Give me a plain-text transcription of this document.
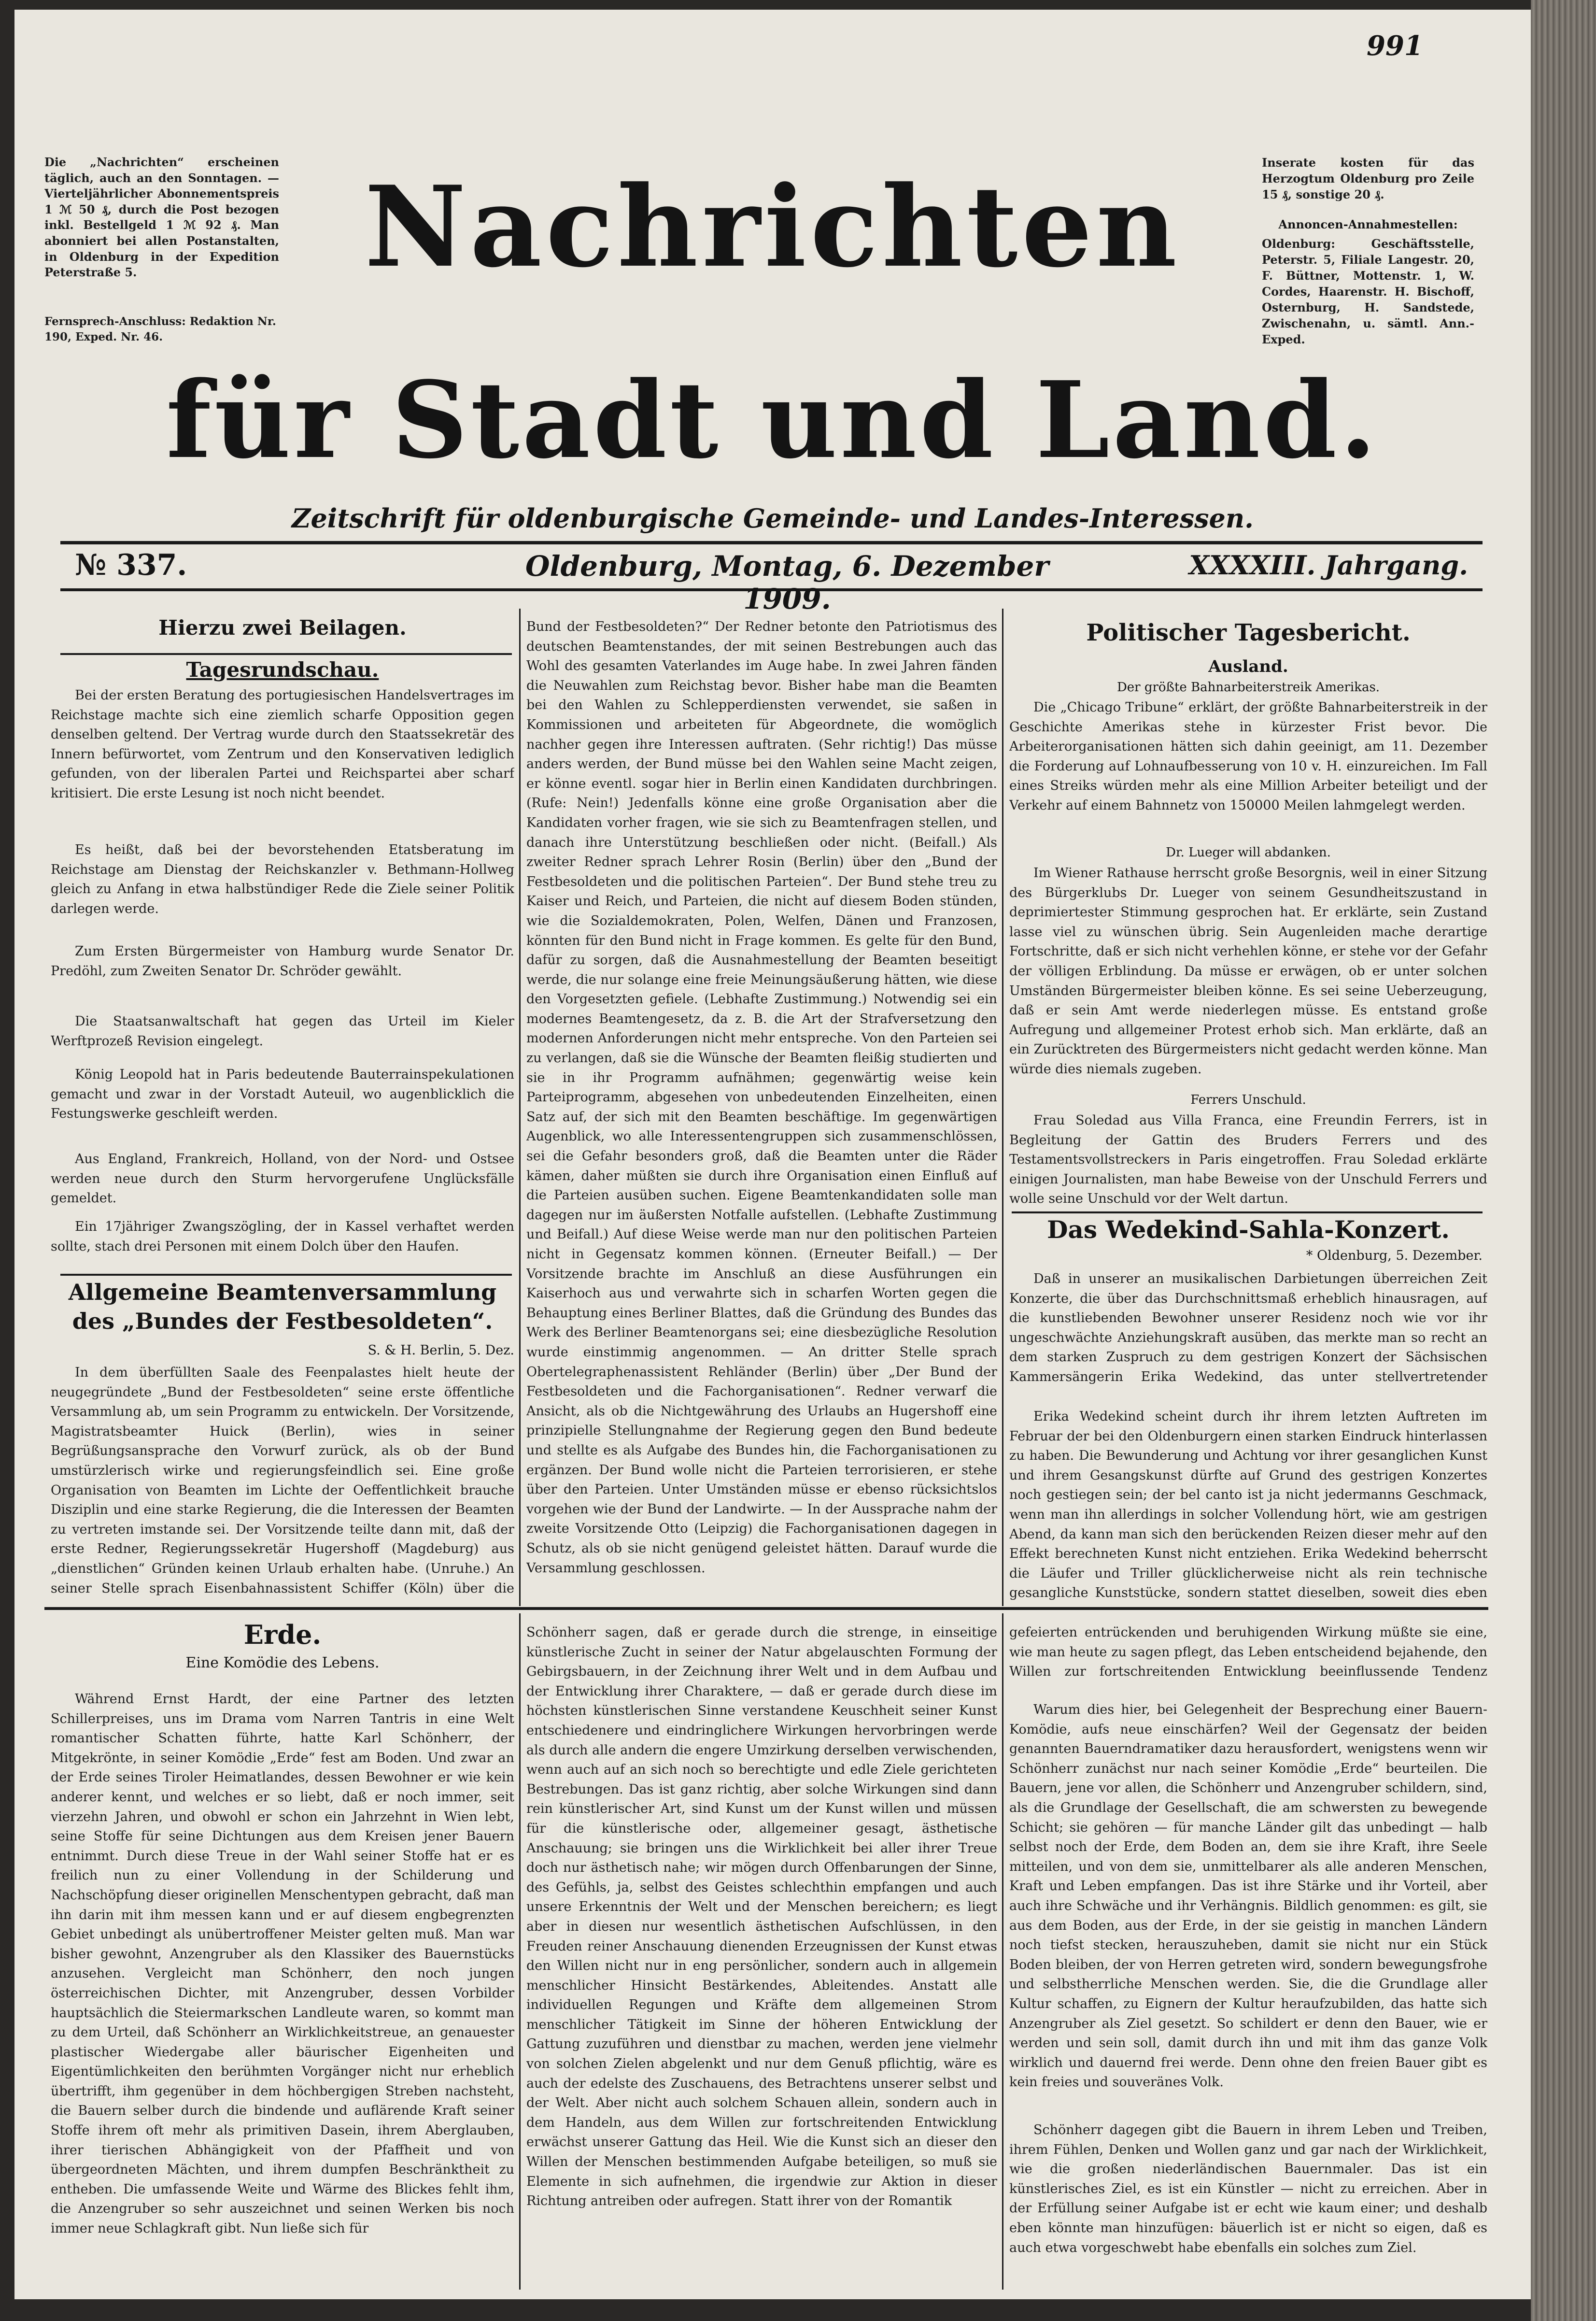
991

Die „Nachrichten“ erscheinen täglich, auch an den Sonntagen. — Vierteljährlicher Abonnementspreis 1 ℳ 50 ₰, durch die Post bezogen inkl. Bestellgeld 1 ℳ 92 ₰. Man abonniert bei allen Postanstalten, in Oldenburg in der Expedition Peterstraße 5.

Fernsprech-Anschluss: Redaktion Nr. 190, Exped. Nr. 46.

Inserate kosten für das Herzogtum Oldenburg pro Zeile 15 ₰, sonstige 20 ₰.

Annoncen-Annahmestellen:

Oldenburg: Geschäftsstelle, Peterstr. 5, Filiale Langestr. 20, F. Büttner, Mottenstr. 1, W. Cordes, Haarenstr. H. Bischoff, Osternburg, H. Sandstede, Zwischenahn, u. sämtl. Ann.-Exped.

Nachrichten
für Stadt und Land.
Zeitschrift für oldenburgische Gemeinde- und Landes-Interessen.
№ 337.	Oldenburg, Montag, 6. Dezember 1909.
XXXXIII. Jahrgang.
Hierzu zwei Beilagen.
Tagesrundschau.

Bei der ersten Beratung des portugiesischen Handelsvertrages im Reichstage machte sich eine ziemlich scharfe Opposition gegen denselben geltend. Der Vertrag wurde durch den Staatssekretär des Innern befürwortet, vom Zentrum und den Konservativen lediglich gefunden, von der liberalen Partei und Reichspartei aber scharf kritisiert. Die erste Lesung ist noch nicht beendet.

Es heißt, daß bei der bevorstehenden Etatsberatung im Reichstage am Dienstag der Reichskanzler v. Bethmann-Hollweg gleich zu Anfang in etwa halbstündiger Rede die Ziele seiner Politik darlegen werde.

Zum Ersten Bürgermeister von Hamburg wurde Senator Dr. Predöhl, zum Zweiten Senator Dr. Schröder gewählt.

Die Staatsanwaltschaft hat gegen das Urteil im Kieler Werftprozeß Revision eingelegt.

König Leopold hat in Paris bedeutende Bauterrainspekulationen gemacht und zwar in der Vorstadt Auteuil, wo augenblicklich die Festungswerke geschleift werden.

Aus England, Frankreich, Holland, von der Nord- und Ostsee werden neue durch den Sturm hervorgerufene Unglücksfälle gemeldet.

Ein 17jähriger Zwangszögling, der in Kassel verhaftet werden sollte, stach drei Personen mit einem Dolch über den Haufen.

Allgemeine Beamtenversammlung des „Bundes der Festbesoldeten“.
S. & H. Berlin, 5. Dez.

In dem überfüllten Saale des Feenpalastes hielt heute der neugegründete „Bund der Festbesoldeten“ seine erste öffentliche Versammlung ab, um sein Programm zu entwickeln. Der Vorsitzende, Magistratsbeamter Huick (Berlin), wies in seiner Begrüßungsansprache den Vorwurf zurück, als ob der Bund umstürzlerisch wirke und regierungsfeindlich sei. Eine große Organisation von Beamten im Lichte der Oeffentlichkeit brauche Disziplin und eine starke Regierung, die die Interessen der Beamten zu vertreten imstande sei. Der Vorsitzende teilte dann mit, daß der erste Redner, Regierungssekretär Hugershoff (Magdeburg) aus „dienstlichen“ Gründen keinen Urlaub erhalten habe. (Unruhe.) An seiner Stelle sprach Eisenbahnassistent Schiffer (Köln) über die

Bund der Festbesoldeten?“ Der Redner betonte den Patriotismus des deutschen Beamtenstandes, der mit seinen Bestrebungen auch das Wohl des gesamten Vaterlandes im Auge habe. In zwei Jahren fänden die Neuwahlen zum Reichstag bevor. Bisher habe man die Beamten bei den Wahlen zu Schlepperdiensten verwendet, sie saßen in Kommissionen und arbeiteten für Abgeordnete, die womöglich nachher gegen ihre Interessen auftraten. (Sehr richtig!) Das müsse anders werden, der Bund müsse bei den Wahlen seine Macht zeigen, er könne eventl. sogar hier in Berlin einen Kandidaten durchbringen. (Rufe: Nein!) Jedenfalls könne eine große Organisation aber die Kandidaten vorher fragen, wie sie sich zu Beamtenfragen stellen, und danach ihre Unterstützung beschließen oder nicht. (Beifall.) Als zweiter Redner sprach Lehrer Rosin (Berlin) über den „Bund der Festbesoldeten und die politischen Parteien“. Der Bund stehe treu zu Kaiser und Reich, und Parteien, die nicht auf diesem Boden stünden, wie die Sozialdemokraten, Polen, Welfen, Dänen und Franzosen, könnten für den Bund nicht in Frage kommen. Es gelte für den Bund, dafür zu sorgen, daß die Ausnahmestellung der Beamten beseitigt werde, die nur solange eine freie Meinungsäußerung hätten, wie diese den Vorgesetzten gefiele. (Lebhafte Zustimmung.) Notwendig sei ein modernes Beamtengesetz, da z. B. die Art der Strafversetzung den modernen Anforderungen nicht mehr entspreche. Von den Parteien sei zu verlangen, daß sie die Wünsche der Beamten fleißig studierten und sie in ihr Programm aufnähmen; gegenwärtig weise kein Parteiprogramm, abgesehen von unbedeutenden Einzelheiten, einen Satz auf, der sich mit den Beamten beschäftige. Im gegenwärtigen Augenblick, wo alle Interessentengruppen sich zusammenschlössen, sei die Gefahr besonders groß, daß die Beamten unter die Räder kämen, daher müßten sie durch ihre Organisation einen Einfluß auf die Parteien ausüben suchen. Eigene Beamtenkandidaten solle man dagegen nur im äußersten Notfalle aufstellen. (Lebhafte Zustimmung und Beifall.) Auf diese Weise werde man nur den politischen Parteien nicht in Gegensatz kommen können. (Erneuter Beifall.) — Der Vorsitzende brachte im Anschluß an diese Ausführungen ein Kaiserhoch aus und verwahrte sich in scharfen Worten gegen die Behauptung eines Berliner Blattes, daß die Gründung des Bundes das Werk des Berliner Beamtenorgans sei; eine diesbezügliche Resolution wurde einstimmig angenommen. — An dritter Stelle sprach Obertelegraphenassistent Rehländer (Berlin) über „Der Bund der Festbesoldeten und die Fachorganisationen“. Redner verwarf die Ansicht, als ob die Nichtgewährung des Urlaubs an Hugershoff eine prinzipielle Stellungnahme der Regierung gegen den Bund bedeute und stellte es als Aufgabe des Bundes hin, die Fachorganisationen zu ergänzen. Der Bund wolle nicht die Parteien terrorisieren, er stehe über den Parteien. Unter Umständen müsse er ebenso rücksichtslos vorgehen wie der Bund der Landwirte. — In der Aussprache nahm der zweite Vorsitzende Otto (Leipzig) die Fachorganisationen dagegen in Schutz, als ob sie nicht genügend geleistet hätten. Darauf wurde die Versammlung geschlossen.

Politischer Tagesbericht.
Ausland.
Der größte Bahnarbeiterstreik Amerikas.

Die „Chicago Tribune“ erklärt, der größte Bahnarbeiterstreik in der Geschichte Amerikas stehe in kürzester Frist bevor. Die Arbeiterorganisationen hätten sich dahin geeinigt, am 11. Dezember die Forderung auf Lohnaufbesserung von 10 v. H. einzureichen. Im Fall eines Streiks würden mehr als eine Million Arbeiter beteiligt und der Verkehr auf einem Bahnnetz von 150000 Meilen lahmgelegt werden.

Dr. Lueger will abdanken.

Im Wiener Rathause herrscht große Besorgnis, weil in einer Sitzung des Bürgerklubs Dr. Lueger von seinem Gesundheitszustand in deprimiertester Stimmung gesprochen hat. Er erklärte, sein Zustand lasse viel zu wünschen übrig. Sein Augenleiden mache derartige Fortschritte, daß er sich nicht verhehlen könne, er stehe vor der Gefahr der völligen Erblindung. Da müsse er erwägen, ob er unter solchen Umständen Bürgermeister bleiben könne. Es sei seine Ueberzeugung, daß er sein Amt werde niederlegen müsse. Es entstand große Aufregung und allgemeiner Protest erhob sich. Man erklärte, daß an ein Zurücktreten des Bürgermeisters nicht gedacht werden könne. Man würde dies niemals zugeben.

Ferrers Unschuld.

Frau Soledad aus Villa Franca, eine Freundin Ferrers, ist in Begleitung der Gattin des Bruders Ferrers und des Testamentsvollstreckers in Paris eingetroffen. Frau Soledad erklärte einigen Journalisten, man habe Beweise von der Unschuld Ferrers und wolle seine Unschuld vor der Welt dartun.

Das Wedekind-Sahla-Konzert.
* Oldenburg, 5. Dezember.

Daß in unserer an musikalischen Darbietungen überreichen Zeit Konzerte, die über das Durchschnittsmaß erheblich hinausragen, auf die kunstliebenden Bewohner unserer Residenz noch wie vor ihr ungeschwächte Anziehungskraft ausüben, das merkte man so recht an dem starken Zuspruch zu dem gestrigen Konzert der Sächsischen Kammersängerin Erika Wedekind, das unter stellvertretender

Erika Wedekind scheint durch ihr ihrem letzten Auftreten im Februar der bei den Oldenburgern einen starken Eindruck hinterlassen zu haben. Die Bewunderung und Achtung vor ihrer gesanglichen Kunst und ihrem Gesangskunst dürfte auf Grund des gestrigen Konzertes noch gestiegen sein; der bel canto ist ja nicht jedermanns Geschmack, wenn man ihn allerdings in solcher Vollendung hört, wie am gestrigen Abend, da kann man sich den berückenden Reizen dieser mehr auf den Effekt berechneten Kunst nicht entziehen. Erika Wedekind beherrscht die Läufer und Triller glücklicherweise nicht als rein technische gesangliche Kunststücke, sondern stattet dieselben, soweit dies eben

Erde.
Eine Komödie des Lebens.

Während Ernst Hardt, der eine Partner des letzten Schillerpreises, uns im Drama vom Narren Tantris in eine Welt romantischer Schatten führte, hatte Karl Schönherr, der Mitgekrönte, in seiner Komödie „Erde“ fest am Boden. Und zwar an der Erde seines Tiroler Heimatlandes, dessen Bewohner er wie kein anderer kennt, und welches er so liebt, daß er noch immer, seit vierzehn Jahren, und obwohl er schon ein Jahrzehnt in Wien lebt, seine Stoffe für seine Dichtungen aus dem Kreisen jener Bauern entnimmt. Durch diese Treue in der Wahl seiner Stoffe hat er es freilich nun zu einer Vollendung in der Schilderung und Nachschöpfung dieser originellen Menschentypen gebracht, daß man ihn darin mit ihm messen kann und er auf diesem engbegrenzten Gebiet unbedingt als unübertroffener Meister gelten muß. Man war bisher gewohnt, Anzengruber als den Klassiker des Bauernstücks anzusehen. Vergleicht man Schönherr, den noch jungen österreichischen Dichter, mit Anzengruber, dessen Vorbilder hauptsächlich die Steiermarkschen Landleute waren, so kommt man zu dem Urteil, daß Schönherr an Wirklichkeitstreue, an genauester plastischer Wiedergabe aller bäurischer Eigenheiten und Eigentümlichkeiten den berühmten Vorgänger nicht nur erheblich übertrifft, ihm gegenüber in dem höchbergigen Streben nachsteht, die Bauern selber durch die bindende und auflärende Kraft seiner Stoffe ihrem oft mehr als primitiven Dasein, ihrem Aberglauben, ihrer tierischen Abhängigkeit von der Pfaffheit und von übergeordneten Mächten, und ihrem dumpfen Beschränktheit zu entheben. Die umfassende Weite und Wärme des Blickes fehlt ihm, die Anzengruber so sehr auszeichnet und seinen Werken bis noch immer neue Schlagkraft gibt. Nun ließe sich für

Schönherr sagen, daß er gerade durch die strenge, in einseitige künstlerische Zucht in seiner der Natur abgelauschten Formung der Gebirgsbauern, in der Zeichnung ihrer Welt und in dem Aufbau und der Entwicklung ihrer Charaktere, — daß er gerade durch diese im höchsten künstlerischen Sinne verstandene Keuschheit seiner Kunst entschiedenere und eindringlichere Wirkungen hervorbringen werde als durch alle andern die engere Umzirkung derselben verwischenden, wenn auch auf an sich noch so berechtigte und edle Ziele gerichteten Bestrebungen. Das ist ganz richtig, aber solche Wirkungen sind dann rein künstlerischer Art, sind Kunst um der Kunst willen und müssen für die künstlerische oder, allgemeiner gesagt, ästhetische Anschauung; sie bringen uns die Wirklichkeit bei aller ihrer Treue doch nur ästhetisch nahe; wir mögen durch Offenbarungen der Sinne, des Gefühls, ja, selbst des Geistes schlechthin empfangen und auch unsere Erkenntnis der Welt und der Menschen bereichern; es liegt aber in diesen nur wesentlich ästhetischen Aufschlüssen, in den Freuden reiner Anschauung dienenden Erzeugnissen der Kunst etwas den Willen nicht nur in eng persönlicher, sondern auch in allgemein menschlicher Hinsicht Bestärkendes, Ableitendes. Anstatt alle individuellen Regungen und Kräfte dem allgemeinen Strom menschlicher Tätigkeit im Sinne der höheren Entwicklung der Gattung zuzuführen und dienstbar zu machen, werden jene vielmehr von solchen Zielen abgelenkt und nur dem Genuß pflichtig, wäre es auch der edelste des Zuschauens, des Betrachtens unserer selbst und der Welt. Aber nicht auch solchem Schauen allein, sondern auch in dem Handeln, aus dem Willen zur fortschreitenden Entwicklung erwächst unserer Gattung das Heil. Wie die Kunst sich an dieser den Willen der Menschen bestimmenden Aufgabe beteiligen, so muß sie Elemente in sich aufnehmen, die irgendwie zur Aktion in dieser Richtung antreiben oder aufregen. Statt ihrer von der Romantik

gefeierten entrückenden und beruhigenden Wirkung müßte sie eine, wie man heute zu sagen pflegt, das Leben entscheidend bejahende, den Willen zur fortschreitenden Entwicklung beeinflussende Tendenz

Warum dies hier, bei Gelegenheit der Besprechung einer Bauern-Komödie, aufs neue einschärfen? Weil der Gegensatz der beiden genannten Bauerndramatiker dazu herausfordert, wenigstens wenn wir Schönherr zunächst nur nach seiner Komödie „Erde“ beurteilen. Die Bauern, jene vor allen, die Schönherr und Anzengruber schildern, sind, als die Grundlage der Gesellschaft, die am schwersten zu bewegende Schicht; sie gehören — für manche Länder gilt das unbedingt — halb selbst noch der Erde, dem Boden an, dem sie ihre Kraft, ihre Seele mitteilen, und von dem sie, unmittelbarer als alle anderen Menschen, Kraft und Leben empfangen. Das ist ihre Stärke und ihr Vorteil, aber auch ihre Schwäche und ihr Verhängnis. Bildlich genommen: es gilt, sie aus dem Boden, aus der Erde, in der sie geistig in manchen Ländern noch tiefst stecken, herauszuheben, damit sie nicht nur ein Stück Boden bleiben, der von Herren getreten wird, sondern bewegungsfrohe und selbstherrliche Menschen werden. Sie, die die Grundlage aller Kultur schaffen, zu Eignern der Kultur heraufzubilden, das hatte sich Anzengruber als Ziel gesetzt. So schildert er denn den Bauer, wie er werden und sein soll, damit durch ihn und mit ihm das ganze Volk wirklich und dauernd frei werde. Denn ohne den freien Bauer gibt es kein freies und souveränes Volk.

Schönherr dagegen gibt die Bauern in ihrem Leben und Treiben, ihrem Fühlen, Denken und Wollen ganz und gar nach der Wirklichkeit, wie die großen niederländischen Bauernmaler. Das ist ein künstlerisches Ziel, es ist ein Künstler — nicht zu erreichen. Aber in der Erfüllung seiner Aufgabe ist er echt wie kaum einer; und deshalb eben könnte man hinzufügen: bäuerlich ist er nicht so eigen, daß es auch etwa vorgeschwebt habe ebenfalls ein solches zum Ziel.
